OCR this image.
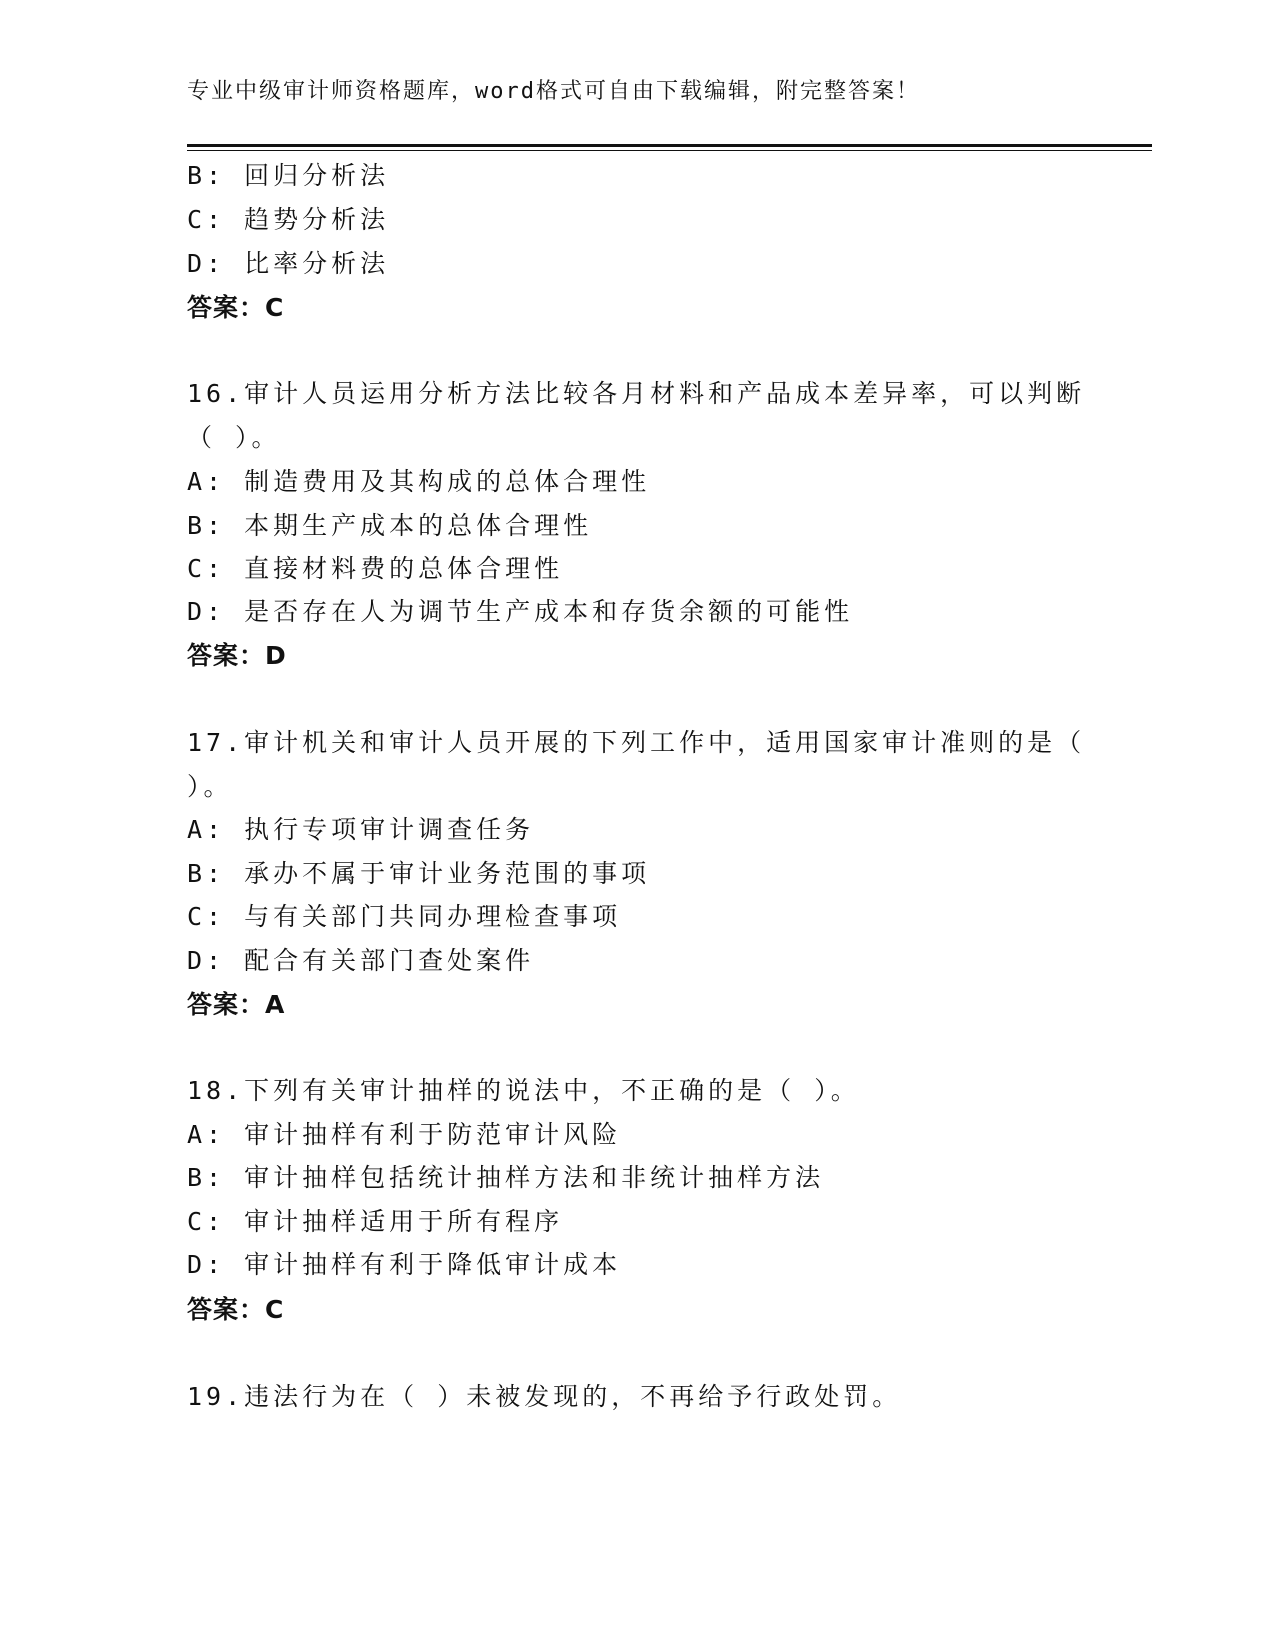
专业中级审计师资格题库，word格式可自由下载编辑，附完整答案！
B: 回归分析法
C: 趋势分析法
D: 比率分析法
答案：C
16.审计人员运用分析方法比较各月材料和产品成本差异率，可以判断
（ ）。
A: 制造费用及其构成的总体合理性
B: 本期生产成本的总体合理性
C: 直接材料费的总体合理性
D: 是否存在人为调节生产成本和存货余额的可能性
答案：D
17.审计机关和审计人员开展的下列工作中，适用国家审计准则的是（
）。
A: 执行专项审计调查任务
B: 承办不属于审计业务范围的事项
C: 与有关部门共同办理检查事项
D: 配合有关部门查处案件
答案：A
18.下列有关审计抽样的说法中，不正确的是（ ）。
A: 审计抽样有利于防范审计风险
B: 审计抽样包括统计抽样方法和非统计抽样方法
C: 审计抽样适用于所有程序
D: 审计抽样有利于降低审计成本
答案：C
19.违法行为在（ ）未被发现的，不再给予行政处罚。
